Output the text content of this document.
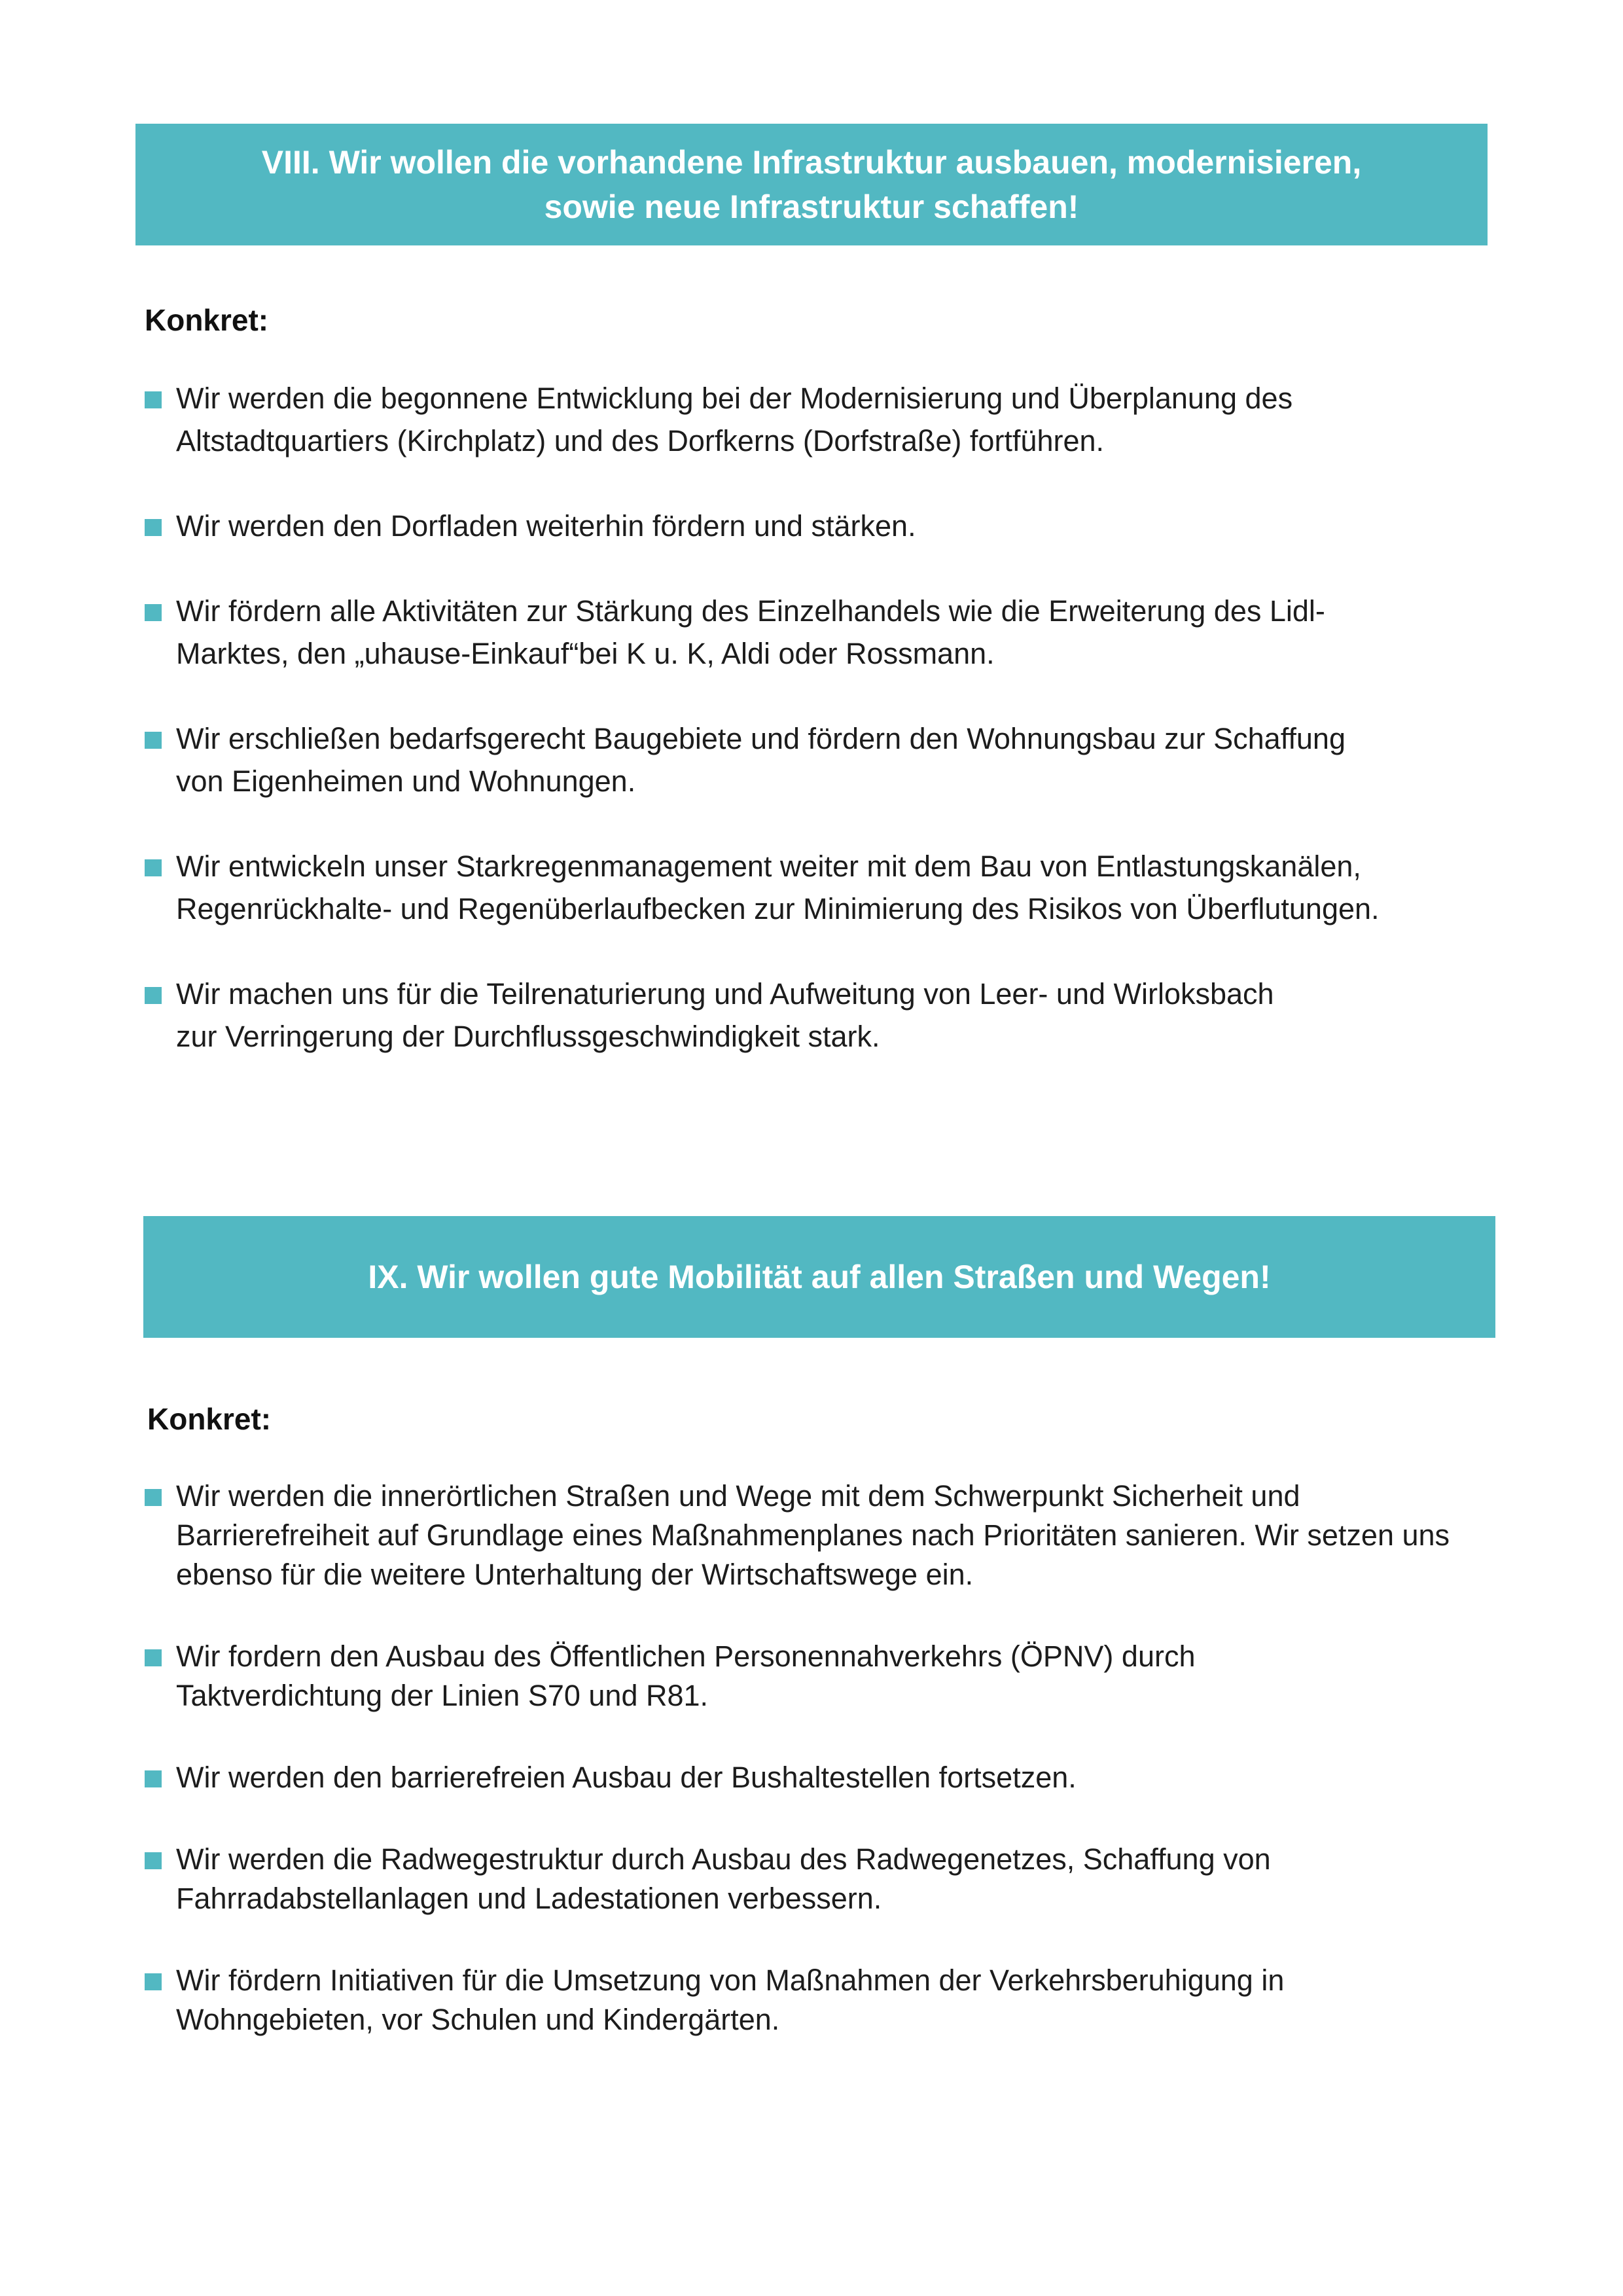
VIII. Wir wollen die vorhandene Infrastruktur ausbauen, modernisieren,
sowie neue Infrastruktur schaffen!
Konkret:
Wir werden die begonnene Entwicklung bei der Modernisierung und Überplanung des Altstadtquartiers (Kirchplatz) und des Dorfkerns (Dorfstraße) fortführen.
Wir werden den Dorfladen weiterhin fördern und stärken.
Wir fördern alle Aktivitäten zur Stärkung des Einzelhandels wie die Erweiterung des Lidl-Marktes, den „uhause-Einkauf“bei K u. K, Aldi oder Rossmann.
Wir erschließen bedarfsgerecht Baugebiete und fördern den Wohnungsbau zur Schaffung von Eigenheimen und Wohnungen.
Wir entwickeln unser Starkregenmanagement weiter mit dem Bau von Entlastungskanälen, Regenrückhalte- und Regenüberlaufbecken zur Minimierung des Risikos von Überflutungen.
Wir machen uns für die Teilrenaturierung und Aufweitung von Leer- und Wirloksbach zur Verringerung der Durchflussgeschwindigkeit stark.
IX. Wir wollen gute Mobilität auf allen Straßen und Wegen!
Konkret:
Wir werden die innerörtlichen Straßen und Wege mit dem Schwerpunkt Sicherheit und Barrierefreiheit auf Grundlage eines Maßnahmenplanes nach Prioritäten sanieren. Wir setzen uns ebenso für die weitere Unterhaltung der Wirtschaftswege ein.
Wir fordern den Ausbau des Öffentlichen Personennahverkehrs (ÖPNV) durch Taktverdichtung der Linien S70 und R81.
Wir werden den barrierefreien Ausbau der Bushaltestellen fortsetzen.
Wir werden die Radwegestruktur durch Ausbau des Radwegenetzes, Schaffung von Fahrradabstellanlagen und Ladestationen verbessern.
Wir fördern Initiativen für die Umsetzung von Maßnahmen der Verkehrsberuhigung in Wohngebieten, vor Schulen und Kindergärten.
